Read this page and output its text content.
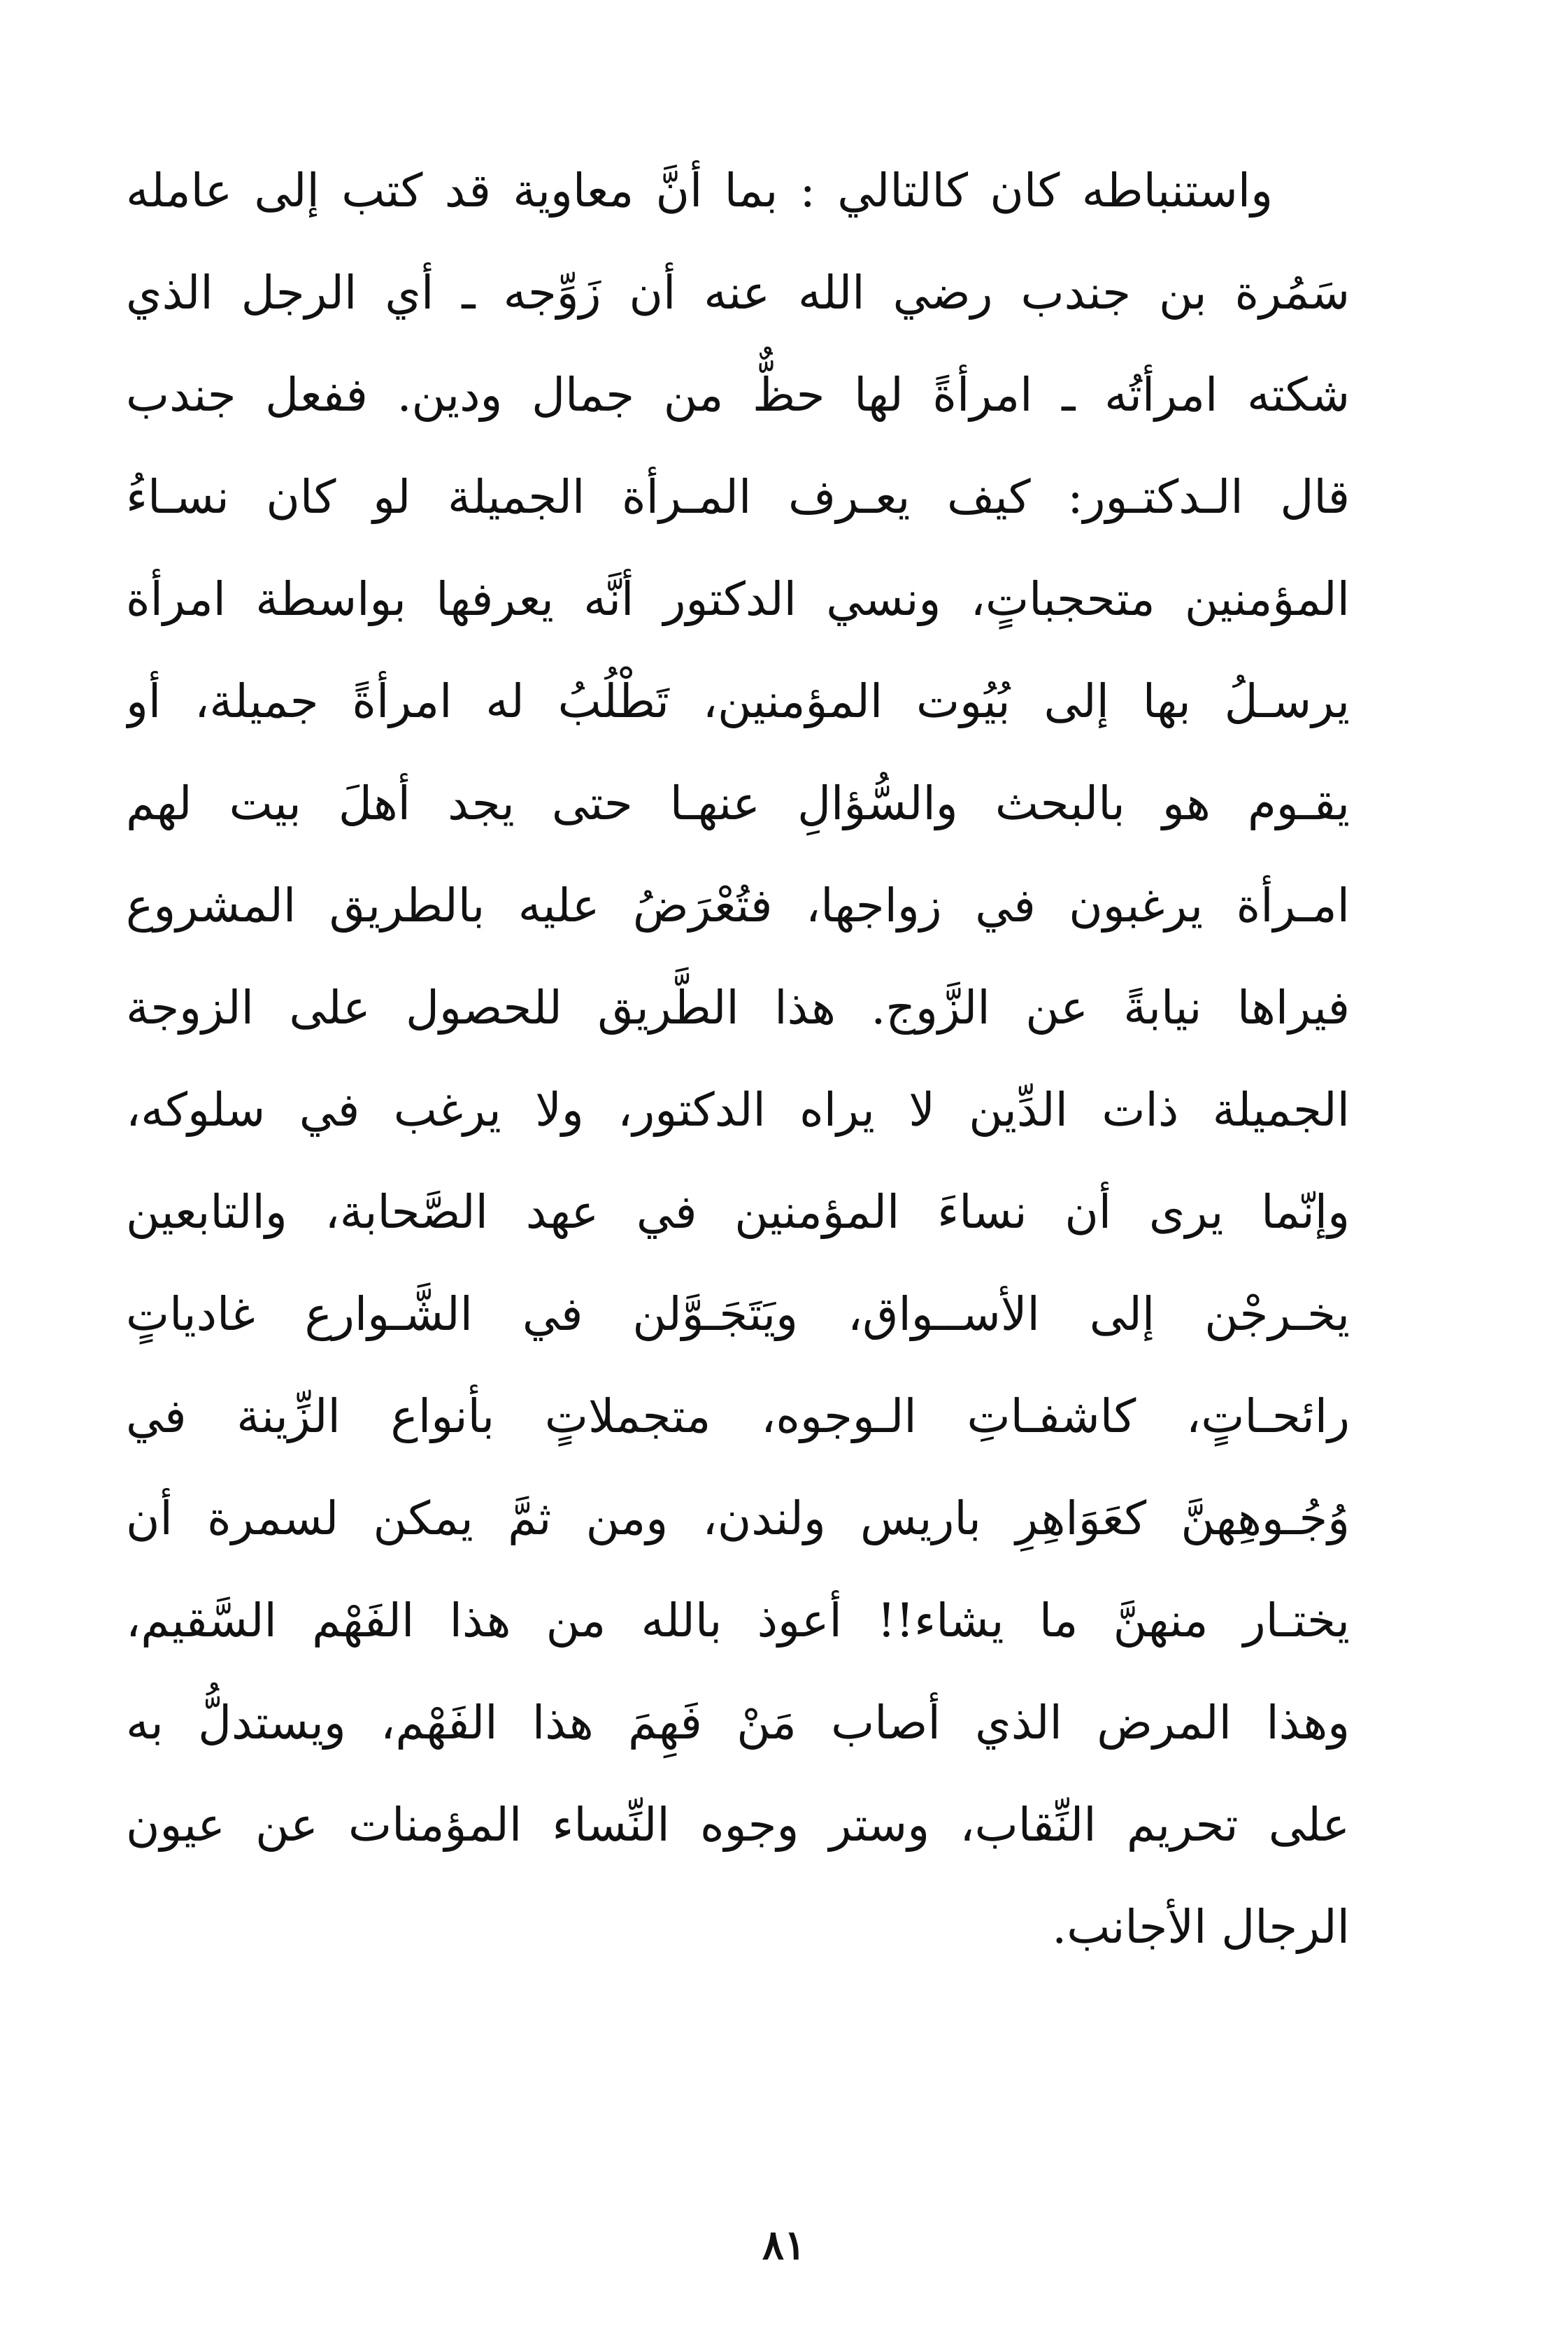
واستنباطه كان كالتالي : بما أنَّ معاوية قد كتب إلى عامله
سَمُرة بن جندب رضي الله عنه أن زَوِّجه ـ أي الرجل الذي
شكته امرأتُه ـ امرأةً لها حظٌّ من جمال ودين. ففعل جندب
قال الـدكتـور: كيف يعـرف المـرأة الجميلة لو كان نسـاءُ
المؤمنين متحجباتٍ، ونسي الدكتور أنَّه يعرفها بواسطة امرأة
يرسـلُ بها إلى بُيُوت المؤمنين، تَطْلُبُ له امرأةً جميلة، أو
يقـوم هو بالبحث والسُّؤالِ عنهـا حتى يجد أهلَ بيت لهم
امـرأة يرغبون في زواجها، فتُعْرَضُ عليه بالطريق المشروع
فيراها نيابةً عن الزَّوج. هذا الطَّريق للحصول على الزوجة
الجميلة ذات الدِّين لا يراه الدكتور، ولا يرغب في سلوكه،
وإنّما يرى أن نساءَ المؤمنين في عهد الصَّحابة، والتابعين
يخـرجْن إلى الأســواق، ويَتَجَـوَّلن في الشَّـوارع غادياتٍ
رائحـاتٍ، كاشفـاتِ الـوجوه، متجملاتٍ بأنواع الزِّينة في
وُجُـوهِهنَّ كعَوَاهِرِ باريس ولندن، ومن ثمَّ يمكن لسمرة أن
يختـار منهنَّ ما يشاء!! أعوذ بالله من هذا الفَهْم السَّقيم،
وهذا المرض الذي أصاب مَنْ فَهِمَ هذا الفَهْم، ويستدلُّ به
على تحريم النِّقاب، وستر وجوه النِّساء المؤمنات عن عيون
الرجال الأجانب.
٨١
